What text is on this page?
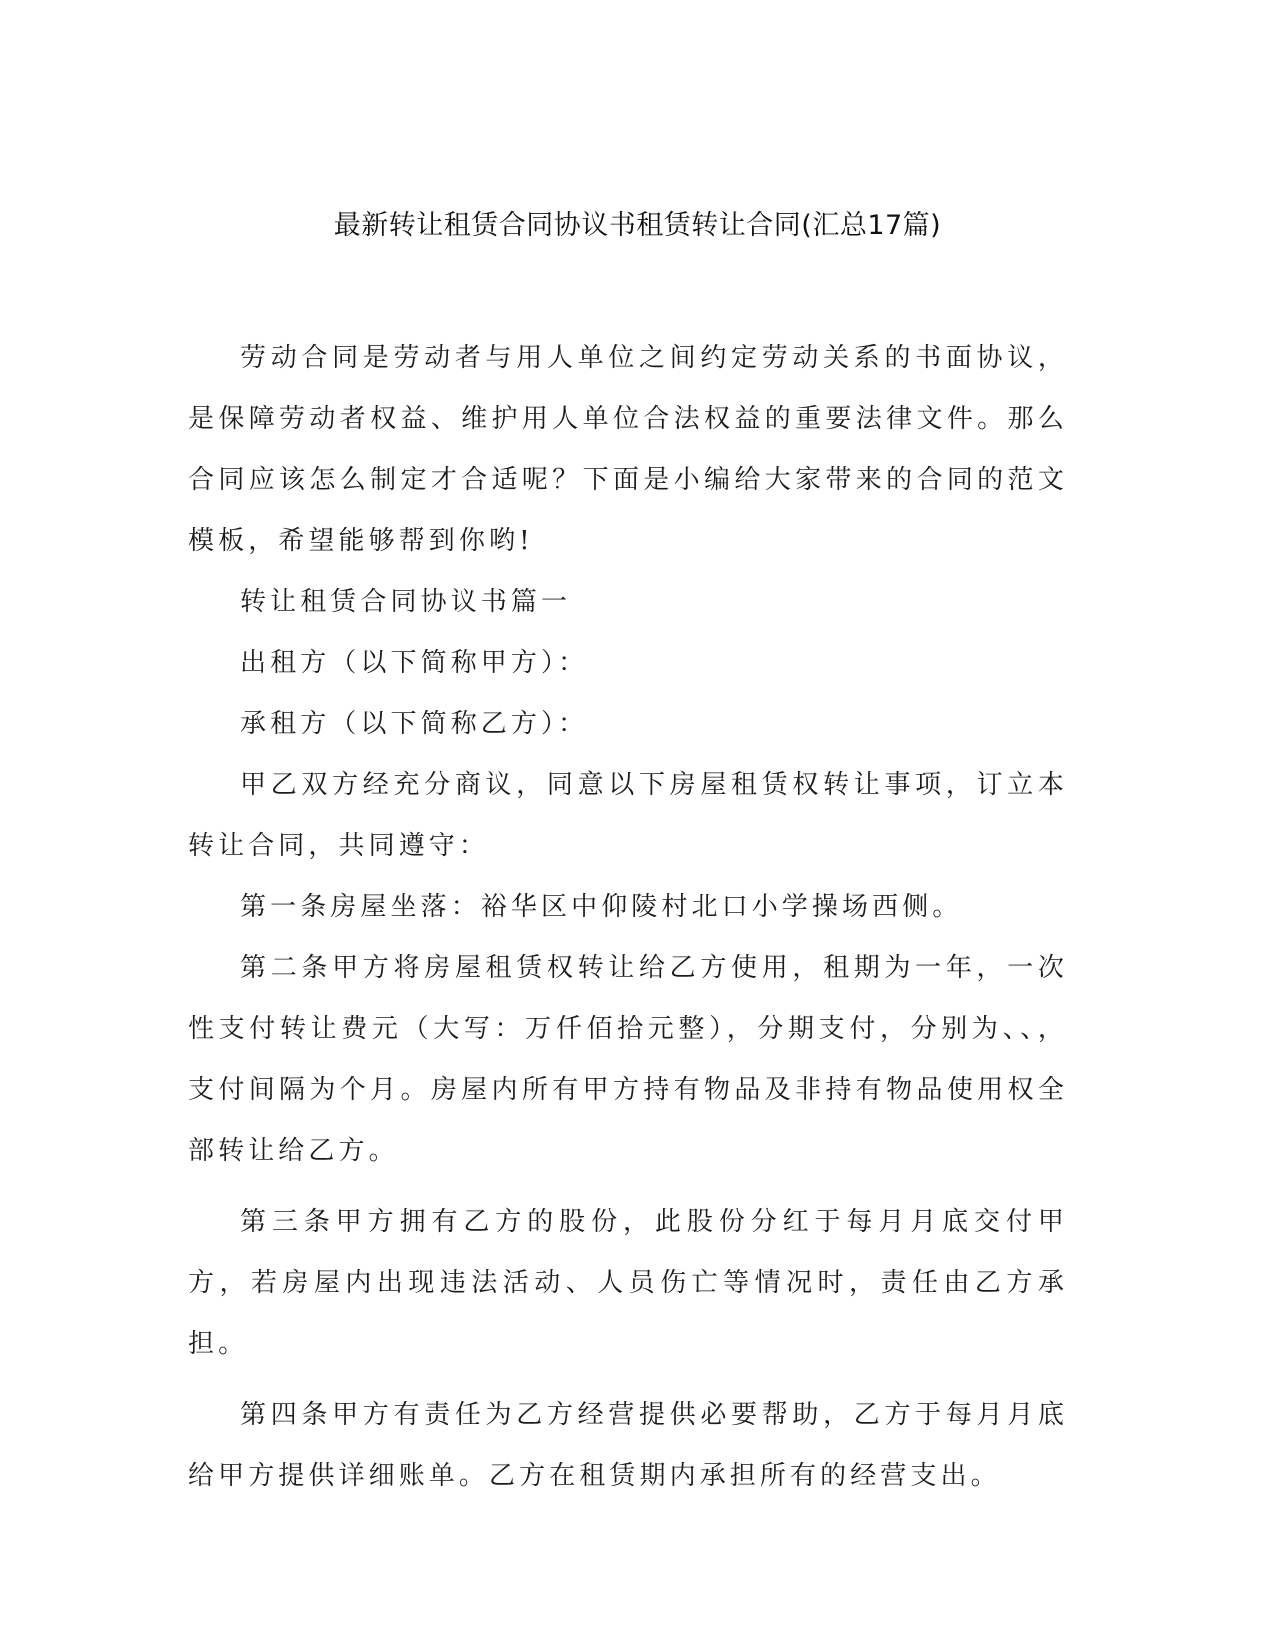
最新转让租赁合同协议书租赁转让合同(汇总17篇)

劳动合同是劳动者与用人单位之间约定劳动关系的书面协议，是保障劳动者权益、维护用人单位合法权益的重要法律文件。那么合同应该怎么制定才合适呢？下面是小编给大家带来的合同的范文模板，希望能够帮到你哟!

转让租赁合同协议书篇一

出租方（以下简称甲方）：

承租方（以下简称乙方）：

甲乙双方经充分商议，同意以下房屋租赁权转让事项，订立本转让合同，共同遵守：

第一条房屋坐落：裕华区中仰陵村北口小学操场西侧。

第二条甲方将房屋租赁权转让给乙方使用，租期为一年，一次性支付转让费元（大写：万仟佰拾元整），分期支付，分别为、、，支付间隔为个月。房屋内所有甲方持有物品及非持有物品使用权全部转让给乙方。

第三条甲方拥有乙方的股份，此股份分红于每月月底交付甲方，若房屋内出现违法活动、人员伤亡等情况时，责任由乙方承担。

第四条甲方有责任为乙方经营提供必要帮助，乙方于每月月底给甲方提供详细账单。乙方在租赁期内承担所有的经营支出。
